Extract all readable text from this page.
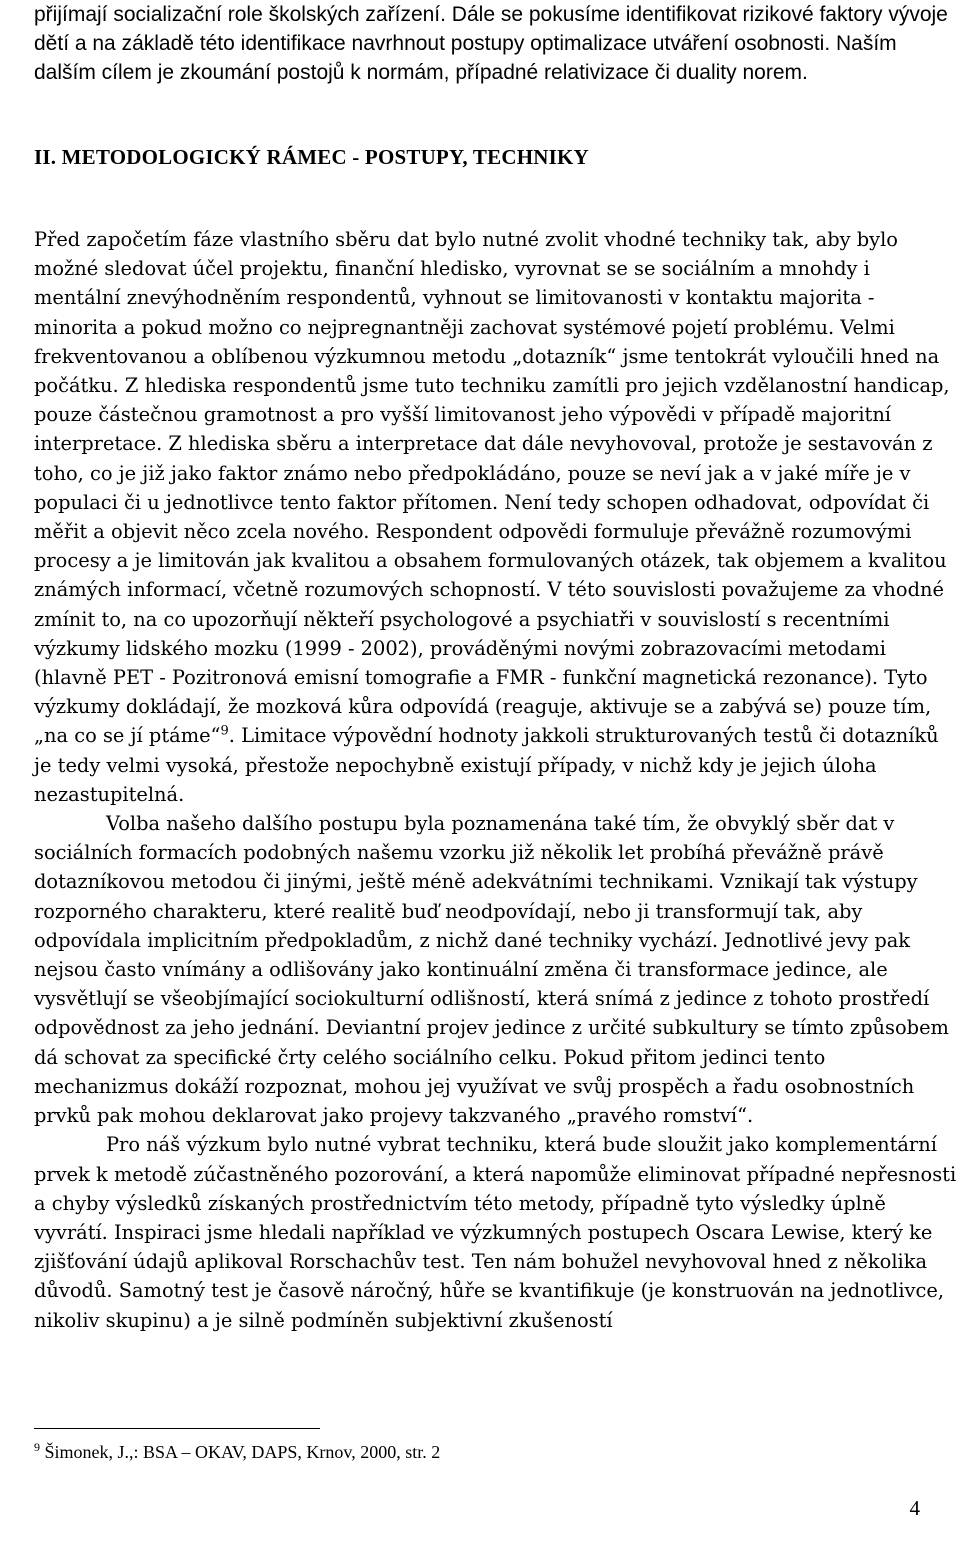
přijímají socializační role školských zařízení. Dále se pokusíme identifikovat rizikové faktory vývoje dětí a na základě této identifikace navrhnout postupy optimalizace utváření osobnosti. Naším dalším cílem je zkoumání postojů k normám, případné relativizace či duality norem.

II. METODOLOGICKÝ RÁMEC - POSTUPY, TECHNIKY

Před započetím fáze vlastního sběru dat bylo nutné zvolit vhodné techniky tak, aby bylo možné sledovat účel projektu, finanční hledisko, vyrovnat se se sociálním a mnohdy i mentální znevýhodněním respondentů, vyhnout se limitovanosti v kontaktu majorita - minorita a pokud možno co nejpregnantněji zachovat systémové pojetí problému. Velmi frekventovanou a oblíbenou výzkumnou metodu „dotazník“ jsme tentokrát vyloučili hned na počátku. Z hlediska respondentů jsme tuto techniku zamítli pro jejich vzdělanostní handicap, pouze částečnou gramotnost a pro vyšší limitovanost jeho výpovědi v případě majoritní interpretace. Z hlediska sběru a interpretace dat dále nevyhovoval, protože je sestavován z toho, co je již jako faktor známo nebo předpokládáno, pouze se neví jak a v jaké míře je v populaci či u jednotlivce tento faktor přítomen. Není tedy schopen odhadovat, odpovídat či měřit a objevit něco zcela nového. Respondent odpovědi formuluje převážně rozumovými procesy a je limitován jak kvalitou a obsahem formulovaných otázek, tak objemem a kvalitou známých informací, včetně rozumových schopností. V této souvislosti považujeme za vhodné zmínit to, na co upozorňují někteří psychologové a psychiatři v souvislostí s recentními výzkumy lidského mozku (1999 - 2002), prováděnými novými zobrazovacími metodami (hlavně PET - Pozitronová emisní tomografie a FMR - funkční magnetická rezonance). Tyto výzkumy dokládají, že mozková kůra odpovídá (reaguje, aktivuje se a zabývá se) pouze tím, „na co se jí ptáme“$^9$. Limitace výpovědní hodnoty jakkoli strukturovaných testů či dotazníků je tedy velmi vysoká, přestože nepochybně existují případy, v nichž kdy je jejich úloha nezastupitelná.

Volba našeho dalšího postupu byla poznamenána také tím, že obvyklý sběr dat v sociálních formacích podobných našemu vzorku již několik let probíhá převážně právě dotazníkovou metodou či jinými, ještě méně adekvátními technikami. Vznikají tak výstupy rozporného charakteru, které realitě buď neodpovídají, nebo ji transformují tak, aby odpovídala implicitním předpokladům, z nichž dané techniky vychází. Jednotlivé jevy pak nejsou často vnímány a odlišovány jako kontinuální změna či transformace jedince, ale vysvětlují se všeobjímající sociokulturní odlišností, která snímá z jedince z tohoto prostředí odpovědnost za jeho jednání. Deviantní projev jedince z určité subkultury se tímto způsobem dá schovat za specifické črty celého sociálního celku. Pokud přitom jedinci tento mechanizmus dokáží rozpoznat, mohou jej využívat ve svůj prospěch a řadu osobnostních prvků pak mohou deklarovat jako projevy takzvaného „pravého romství“.

Pro náš výzkum bylo nutné vybrat techniku, která bude sloužit jako komplementární prvek k metodě zúčastněného pozorování, a která napomůže eliminovat případné nepřesnosti a chyby výsledků získaných prostřednictvím této metody, případně tyto výsledky úplně vyvrátí. Inspiraci jsme hledali například ve výzkumných postupech Oscara Lewise, který ke zjišťování údajů aplikoval Rorschachův test. Ten nám bohužel nevyhovoval hned z několika důvodů. Samotný test je časově náročný, hůře se kvantifikuje (je konstruován na jednotlivce, nikoliv skupinu) a je silně podmíněn subjektivní zkušeností

$^9$ Šimonek, J.,: BSA – OKAV, DAPS, Krnov, 2000, str. 2

4
